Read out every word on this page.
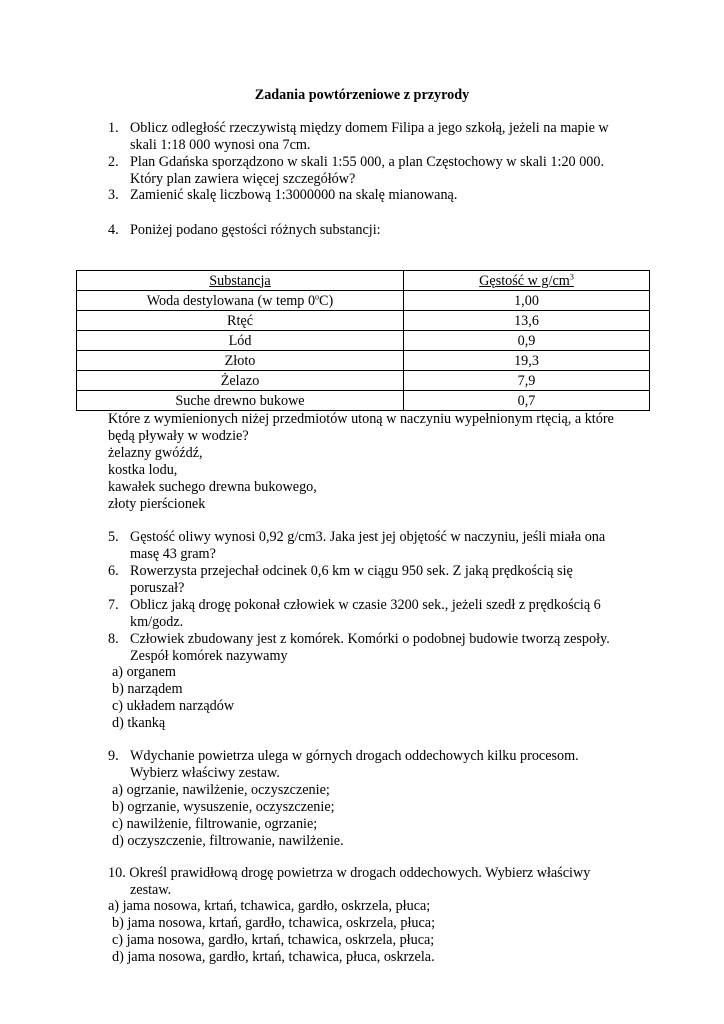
Zadania powtórzeniowe z przyrody
1. Oblicz odległość rzeczywistą między domem Filipa a jego szkołą, jeżeli na mapie w
skali 1:18 000 wynosi ona 7cm.
2. Plan Gdańska sporządzono w skali 1:55 000, a plan Częstochowy w skali 1:20 000.
Który plan zawiera więcej szczegółów?
3. Zamienić skalę liczbową 1:3000000 na skalę mianowaną.
4. Poniżej podano gęstości różnych substancji:
Substancja	Gęstość w $g/cm^3$
Woda destylowana (w temp 0$^o$C)	1,00
Rtęć	13,6
Lód	0,9
Złoto	19,3
Żelazo	7,9
Suche drewno bukowe	0,7
Które z wymienionych niżej przedmiotów utoną w naczyniu wypełnionym rtęcią, a które
będą pływały w wodzie?
żelazny gwóźdź,
kostka lodu,
kawałek suchego drewna bukowego,
złoty pierścionek
5. Gęstość oliwy wynosi 0,92 g/cm3. Jaka jest jej objętość w naczyniu, jeśli miała ona
masę 43 gram?
6. Rowerzysta przejechał odcinek 0,6 km w ciągu 950 sek. Z jaką prędkością się
poruszał?
7. Oblicz jaką drogę pokonał człowiek w czasie 3200 sek., jeżeli szedł z prędkością 6
km/godz.
8. Człowiek zbudowany jest z komórek. Komórki o podobnej budowie tworzą zespoły.
Zespół komórek nazywamy
a) organem
b) narządem
c) układem narządów
d) tkanką
9. Wdychanie powietrza ulega w górnych drogach oddechowych kilku procesom.
Wybierz właściwy zestaw.
a) ogrzanie, nawilżenie, oczyszczenie;
b) ogrzanie, wysuszenie, oczyszczenie;
c) nawilżenie, filtrowanie, ogrzanie;
d) oczyszczenie, filtrowanie, nawilżenie.
10. Określ prawidłową drogę powietrza w drogach oddechowych. Wybierz właściwy
zestaw.
a) jama nosowa, krtań, tchawica, gardło, oskrzela, płuca;
b) jama nosowa, krtań, gardło, tchawica, oskrzela, płuca;
c) jama nosowa, gardło, krtań, tchawica, oskrzela, płuca;
d) jama nosowa, gardło, krtań, tchawica, płuca, oskrzela.
